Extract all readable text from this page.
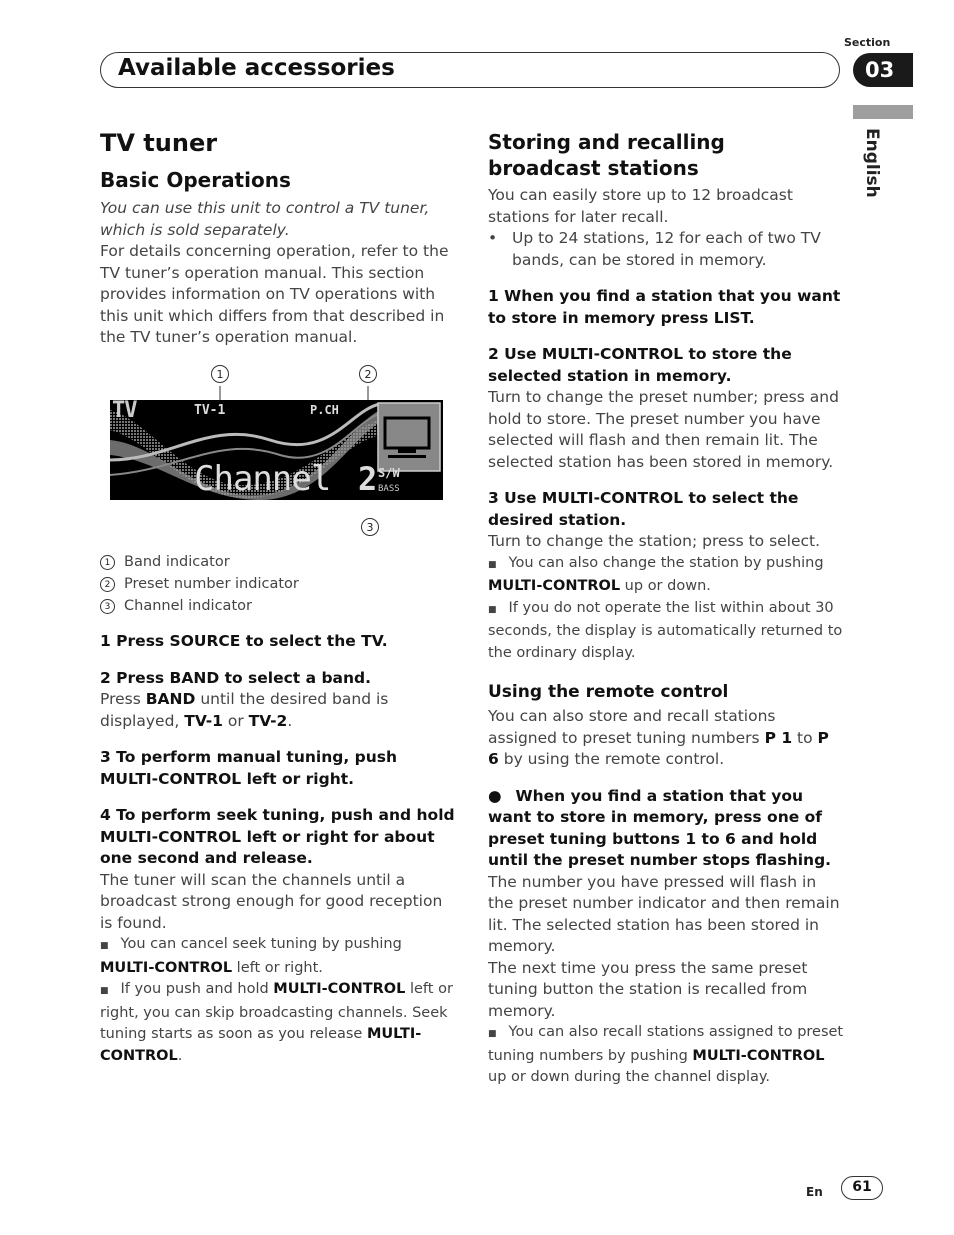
Section
Available accessories	03
English
TV tuner
Basic Operations

You can use this unit to control a TV tuner, which is sold separately.

For details concerning operation, refer to the TV tuner’s operation manual. This section provides information on TV operations with this unit which differs from that described in the TV tuner’s operation manual.

1	2
3
TV	TV-1	P.CH
Channel 2 S/W
BASS
1 Band indicator
2 Preset number indicator
3 Channel indicator

1 Press SOURCE to select the TV.

2 Press BAND to select a band.

Press BAND until the desired band is displayed, TV-1 or TV-2.

3 To perform manual tuning, push MULTI-CONTROL left or right.

4 To perform seek tuning, push and hold MULTI-CONTROL left or right for about one second and release.

The tuner will scan the channels until a broadcast strong enough for good reception is found.

■ You can cancel seek tuning by pushing MULTI-CONTROL left or right.

■ If you push and hold MULTI-CONTROL left or right, you can skip broadcasting channels. Seek tuning starts as soon as you release MULTI-CONTROL.

Storing and recalling broadcast stations

You can easily store up to 12 broadcast stations for later recall.

• Up to 24 stations, 12 for each of two TV bands, can be stored in memory.

1 When you find a station that you want to store in memory press LIST.

2 Use MULTI-CONTROL to store the selected station in memory.

Turn to change the preset number; press and hold to store. The preset number you have selected will flash and then remain lit. The selected station has been stored in memory.

3 Use MULTI-CONTROL to select the desired station.

Turn to change the station; press to select.

■ You can also change the station by pushing MULTI-CONTROL up or down.

■ If you do not operate the list within about 30 seconds, the display is automatically returned to the ordinary display.

Using the remote control

You can also store and recall stations assigned to preset tuning numbers P 1 to P 6 by using the remote control.

● When you find a station that you want to store in memory, press one of preset tuning buttons 1 to 6 and hold until the preset number stops flashing.

The number you have pressed will flash in the preset number indicator and then remain lit. The selected station has been stored in memory.

The next time you press the same preset tuning button the station is recalled from memory.

■ You can also recall stations assigned to preset tuning numbers by pushing MULTI-CONTROL up or down during the channel display.

En	61
